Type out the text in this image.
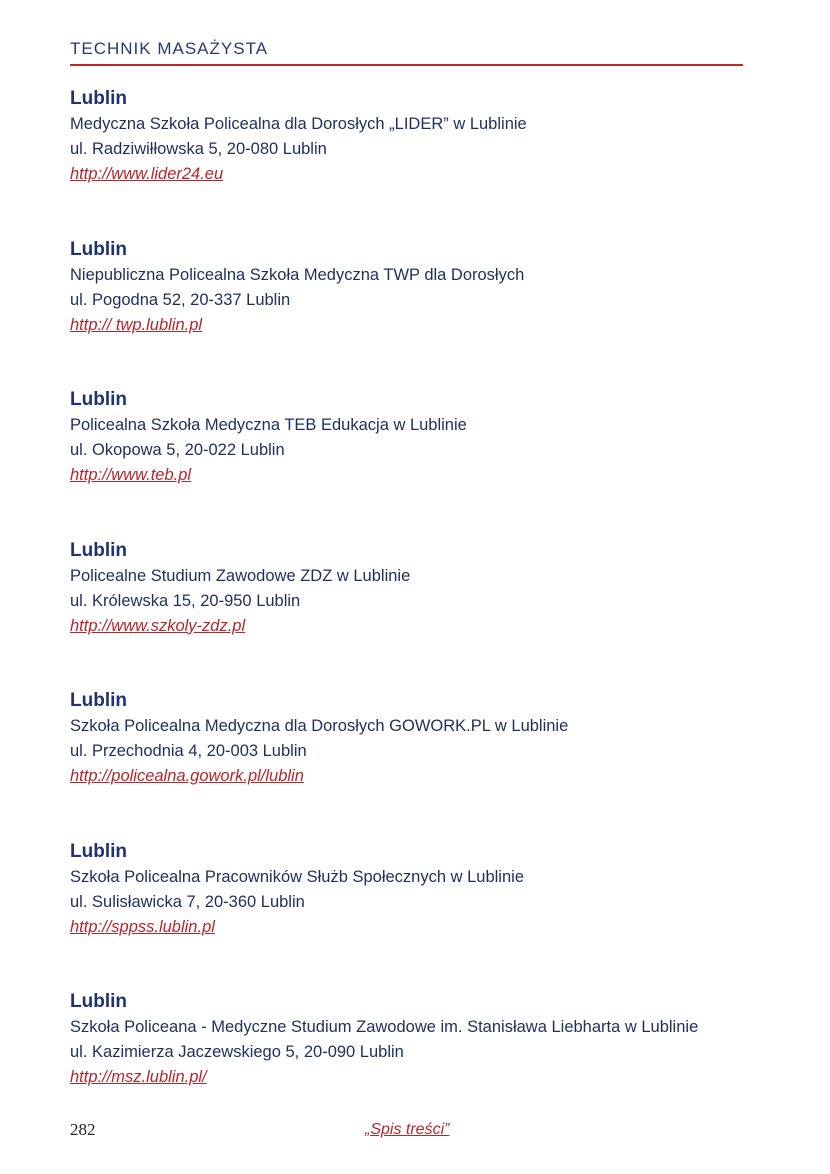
TECHNIK MASAŻYSTA
Lublin
Medyczna Szkoła Policealna dla Dorosłych „LIDER” w Lublinie
ul. Radziwiłłowska 5, 20-080 Lublin
http://www.lider24.eu
Lublin
Niepubliczna Policealna Szkoła Medyczna TWP dla Dorosłych
ul. Pogodna 52, 20-337 Lublin
http:// twp.lublin.pl
Lublin
Policealna Szkoła Medyczna TEB Edukacja w Lublinie
ul. Okopowa 5, 20-022 Lublin
http://www.teb.pl
Lublin
Policealne Studium Zawodowe ZDZ w Lublinie
ul. Królewska 15, 20-950 Lublin
http://www.szkoly-zdz.pl
Lublin
Szkoła Policealna Medyczna dla Dorosłych GOWORK.PL w Lublinie
ul. Przechodnia 4, 20-003 Lublin
http://policealna.gowork.pl/lublin
Lublin
Szkoła Policealna Pracowników Służb Społecznych w Lublinie
ul. Sulisławicka 7, 20-360 Lublin
http://sppss.lublin.pl
Lublin
Szkoła Policeana - Medyczne Studium Zawodowe im. Stanisława Liebharta w Lublinie
ul. Kazimierza Jaczewskiego 5, 20-090 Lublin
http://msz.lublin.pl/
282	„Spis treści”
